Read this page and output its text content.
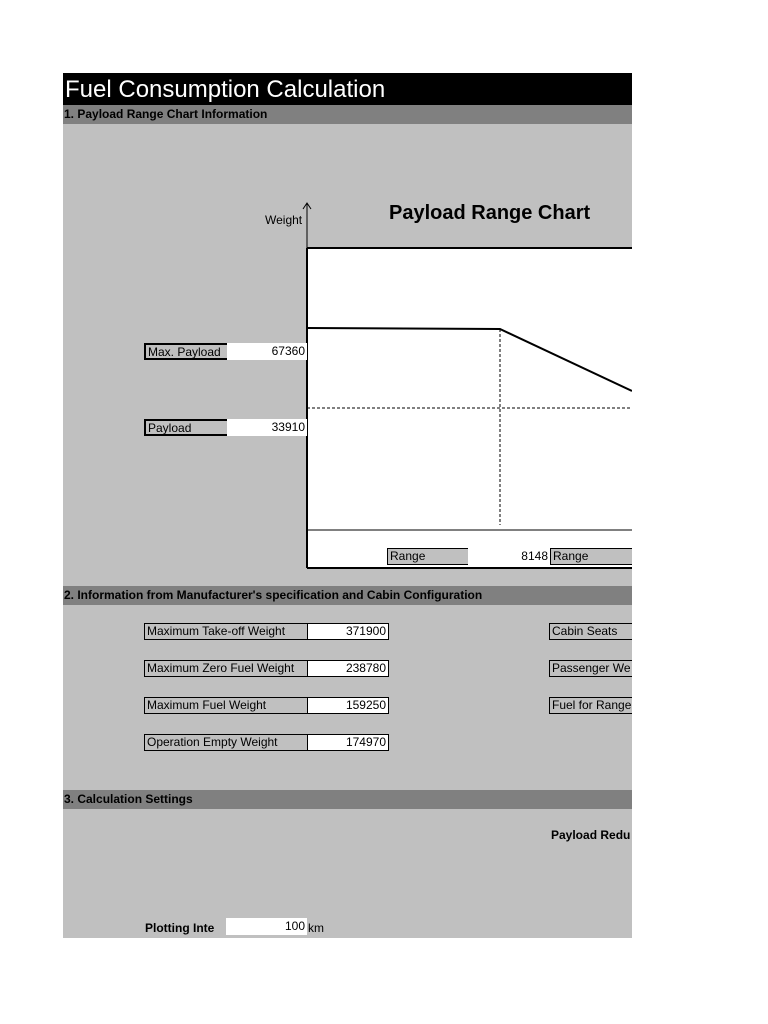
Fuel Consumption Calculation
1. Payload Range Chart Information
Weight	Payload Range Chart
Max. Payload	67360
Payload	33910
Range	8148 Range
2. Information from Manufacturer's specification and Cabin Configuration
Maximum Take-off Weight	371900
Maximum Zero Fuel Weight	238780
Maximum Fuel Weight	159250
Operation Empty Weight	174970
Cabin Seats
Passenger We
Fuel for Range
3. Calculation Settings
Payload Redu
Plotting Inte	100 km
